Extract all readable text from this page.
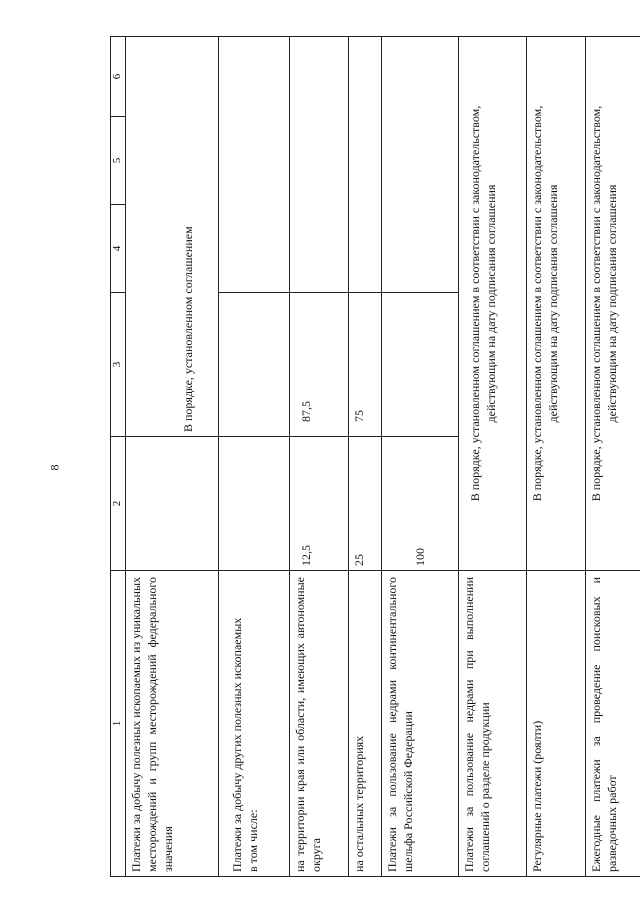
8
1	2	3	4	5	6
Платежи за добычу полезных ископаемых из уникальных месторождений и групп месторождений федерального значения		В порядке, установленном соглашением			

Платежи за добычу других полезных ископаемых в том числе:					

на территории края или области, имеющих автономные округа	12,5	87,5			

на остальных территориях	25	75			

Платежи за пользование недрами континентального шельфа Российской Федерации	100				

Платежи за пользование недрами при выполнении соглашений о разделе продукции	В порядке, установленном соглашением в соответствии с законодательством, действующим на дату подписания соглашения				

Регулярные платежи (роялти)	В порядке, установленном соглашением в соответствии с законодательством, действующим на дату подписания соглашения				

Ежегодные платежи за проведение поисковых и разведочных работ	В порядке, установленном соглашением в соответствии с законодательством, действующим на дату подписания соглашения				
